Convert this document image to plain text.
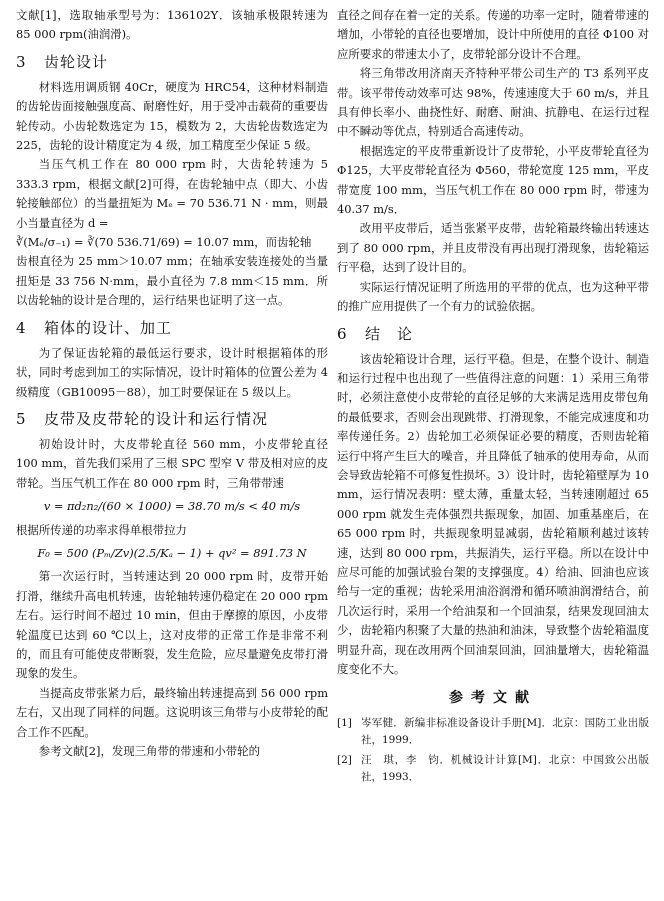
文献[1]，选取轴承型号为：136102Y．该轴承极限转速为 85 000 rpm(油润滑)。

3 齿轮设计

材料选用调质钢 40Cr，硬度为 HRC54，这种材料制造的齿轮齿面接触强度高、耐磨性好，用于受冲击载荷的重要齿轮传动。小齿轮数选定为 15，模数为 2，大齿轮齿数选定为 225，齿轮的设计精度定为 4 级，加工精度至少保证 5 级。

当压气机工作在 80 000 rpm 时，大齿轮转速为 5 333.3 rpm，根据文献[2]可得，在齿轮轴中点（即大、小齿轮接触部位）的当量扭矩为 Mₑ = 70 536.71 N · mm，则最小当量直径为 d =

∛(Mₑ/σ₋₁) = ∛(70 536.71/69) = 10.07 mm，而齿轮轴

齿根直径为 25 mm＞10.07 mm；在轴承安装连接处的当量扭矩是 33 756 N·mm，最小直径为 7.8 mm＜15 mm．所以齿轮轴的设计是合理的，运行结果也证明了这一点。

4 箱体的设计、加工

为了保证齿轮箱的最低运行要求，设计时根据箱体的形状，同时考虑到加工的实际情况，设计时箱体的位置公差为 4 级精度（GB10095－88），加工时要保证在 5 级以上。

5 皮带及皮带轮的设计和运行情况

初始设计时，大皮带轮直径 560 mm，小皮带轮直径 100 mm，首先我们采用了三根 SPC 型窄 V 带及相对应的皮带轮。当压气机工作在 80 000 rpm 时，三角带带速

v = πd₂n₂/(60 × 1000) = 38.70 m/s < 40 m/s

根据所传递的功率求得单根带拉力

F₀ = 500 (Pₘ/Zv)(2.5/Kₐ − 1) + qv² = 891.73 N

第一次运行时，当转速达到 20 000 rpm 时，皮带开始打滑，继续升高电机转速，齿轮轴转速仍稳定在 20 000 rpm 左右。运行时间不超过 10 min，但由于摩擦的原因，小皮带轮温度已达到 60 ℃以上，这对皮带的正常工作是非常不利的，而且有可能使皮带断裂，发生危险，应尽量避免皮带打滑现象的发生。

当提高皮带张紧力后，最终输出转速提高到 56 000 rpm 左右，又出现了同样的问题。这说明该三角带与小皮带轮的配合工作不匹配。

参考文献[2]，发现三角带的带速和小带轮的

直径之间存在着一定的关系。传递的功率一定时，随着带速的增加，小带轮的直径也要增加，设计中所使用的直径 Φ100 对应所要求的带速太小了，皮带轮部分设计不合理。

将三角带改用济南天齐特种平带公司生产的 T3 系列平皮带。该平带传动效率可达 98%，传速速度大于 60 m/s，并且具有伸长率小、曲挠性好、耐磨、耐油、抗静电、在运行过程中不瞬动等优点，特别适合高速传动。

根据选定的平皮带重新设计了皮带轮，小平皮带轮直径为 Φ125，大平皮带轮直径为 Φ560，带轮宽度 125 mm，平皮带宽度 100 mm，当压气机工作在 80 000 rpm 时，带速为 40.37 m/s．

改用平皮带后，适当张紧平皮带，齿轮箱最终输出转速达到了 80 000 rpm，并且皮带没有再出现打滑现象，齿轮箱运行平稳，达到了设计目的。

实际运行情况证明了所选用的平带的优点，也为这种平带的推广应用提供了一个有力的试验依据。

6 结　论

该齿轮箱设计合理，运行平稳。但是，在整个设计、制造和运行过程中也出现了一些值得注意的问题：1）采用三角带时，必须注意使小皮带轮的直径足够的大来满足选用皮带包角的最低要求，否则会出现跳带、打滑现象，不能完成速度和功率传递任务。2）齿轮加工必须保证必要的精度，否则齿轮箱运行中将产生巨大的噪音，并且降低了轴承的使用寿命，从而会导致齿轮箱不可修复性损坏。3）设计时，齿轮箱壁厚为 10 mm，运行情况表明：壁太薄，重量太轻，当转速刚超过 65 000 rpm 就发生壳体强烈共振现象，加固、加重基座后，在 65 000 rpm 时，共振现象明显减弱，齿轮箱顺利越过该转速，达到 80 000 rpm，共振消失，运行平稳。所以在设计中应尽可能的加强试验台架的支撑强度。4）给油、回油也应该给与一定的重视；齿轮采用油浴润滑和循环喷油润滑结合，前几次运行时，采用一个给油泵和一个回油泵，结果发现回油太少，齿轮箱内积聚了大量的热油和油沫，导致整个齿轮箱温度明显升高，现在改用两个回油泵回油，回油量增大，齿轮箱温度变化不大。

参考文献
[1] 岑军健．新编非标准设备设计手册[M]．北京：国防工业出版社，1999．
[2] 汪　琪，李　钧．机械设计计算[M]．北京：中国致公出版社，1993．
